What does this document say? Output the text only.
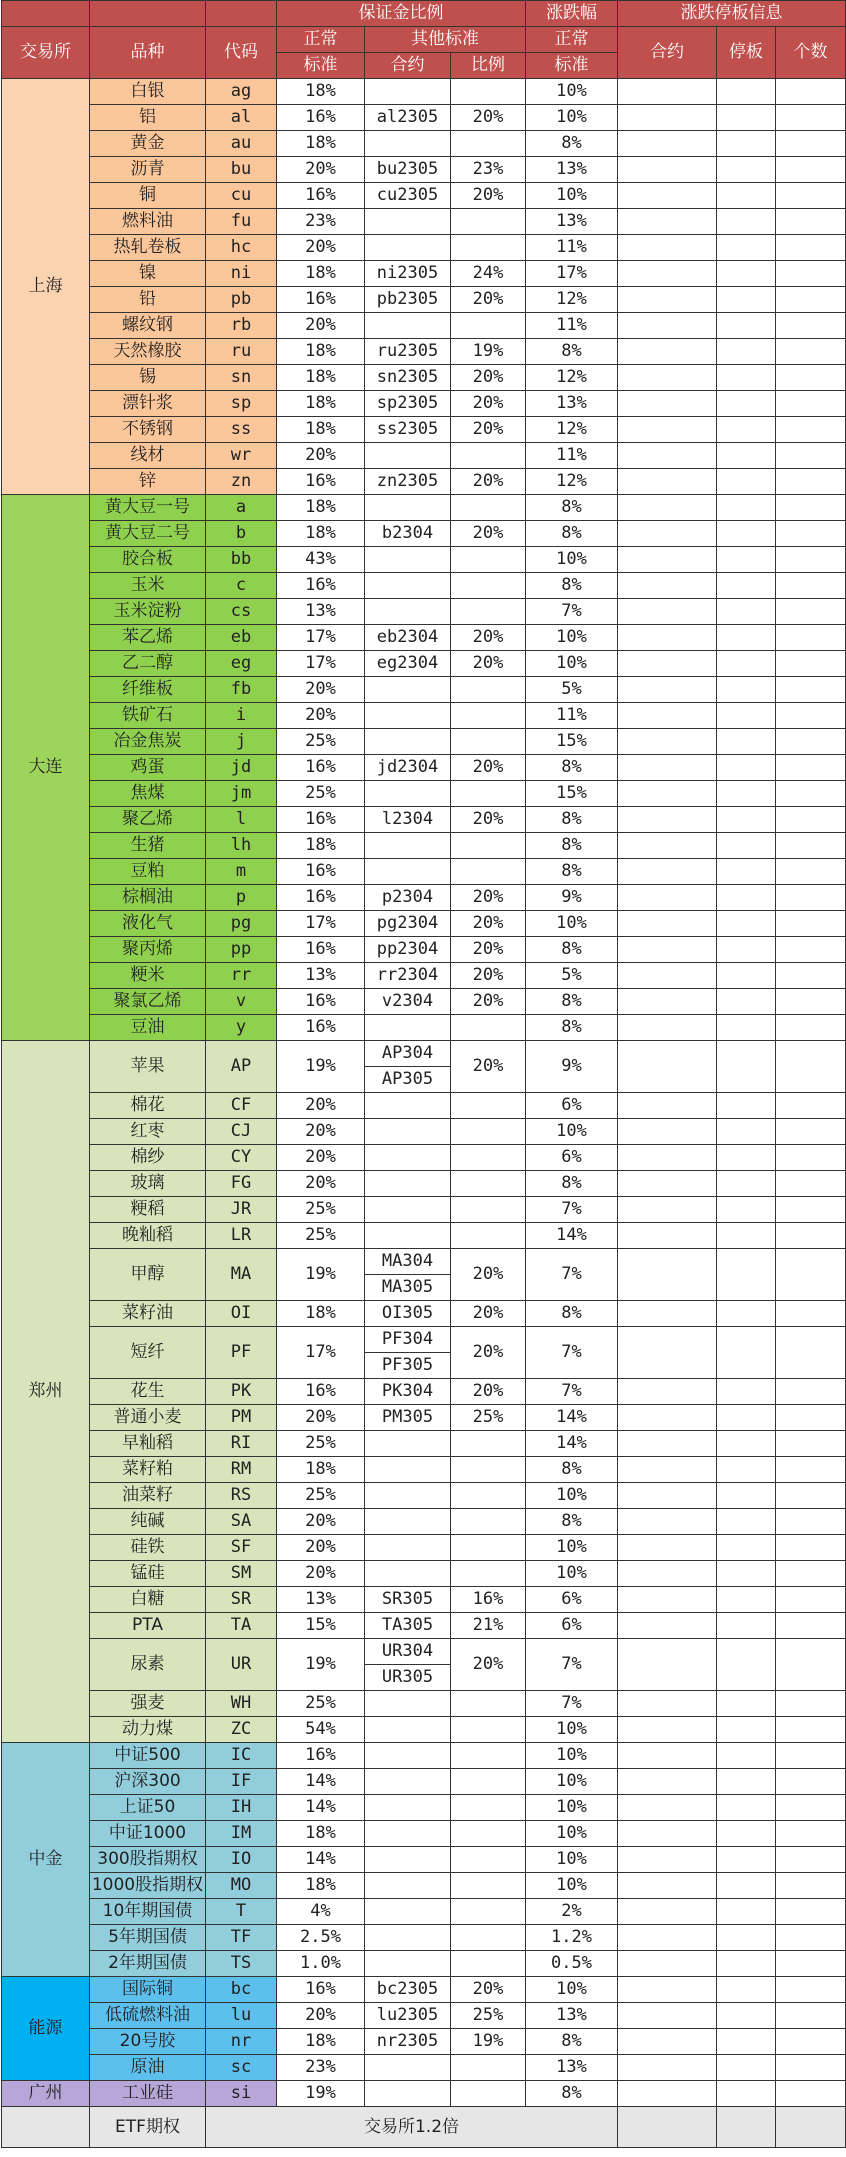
			保证金比例			涨跌幅	涨跌停板信息		
交易所	品种	代码	正常	其他标准		正常	合约	停板	个数
			标准	合约	比例	标准			
上海	白银	ag	18%			10%			
	铝	al	16%	al2305	20%	10%			
	黄金	au	18%			8%			
	沥青	bu	20%	bu2305	23%	13%			
	铜	cu	16%	cu2305	20%	10%			
	燃料油	fu	23%			13%			
	热轧卷板	hc	20%			11%			
	镍	ni	18%	ni2305	24%	17%			
	铅	pb	16%	pb2305	20%	12%			
	螺纹钢	rb	20%			11%			
	天然橡胶	ru	18%	ru2305	19%	8%			
	锡	sn	18%	sn2305	20%	12%			
	漂针浆	sp	18%	sp2305	20%	13%			
	不锈钢	ss	18%	ss2305	20%	12%			
	线材	wr	20%			11%			
	锌	zn	16%	zn2305	20%	12%			
大连	黄大豆一号	a	18%			8%			
	黄大豆二号	b	18%	b2304	20%	8%			
	胶合板	bb	43%			10%			
	玉米	c	16%			8%			
	玉米淀粉	cs	13%			7%			
	苯乙烯	eb	17%	eb2304	20%	10%			
	乙二醇	eg	17%	eg2304	20%	10%			
	纤维板	fb	20%			5%			
	铁矿石	i	20%			11%			
	冶金焦炭	j	25%			15%			
	鸡蛋	jd	16%	jd2304	20%	8%			
	焦煤	jm	25%			15%			
	聚乙烯	l	16%	l2304	20%	8%			
	生猪	lh	18%			8%			
	豆粕	m	16%			8%			
	棕榈油	p	16%	p2304	20%	9%			
	液化气	pg	17%	pg2304	20%	10%			
	聚丙烯	pp	16%	pp2304	20%	8%			
	粳米	rr	13%	rr2304	20%	5%			
	聚氯乙烯	v	16%	v2304	20%	8%			
	豆油	y	16%			8%			
郑州	苹果	AP	19%	AP304	20%	9%			
				AP305					
	棉花	CF	20%			6%			
	红枣	CJ	20%			10%			
	棉纱	CY	20%			6%			
	玻璃	FG	20%			8%			
	粳稻	JR	25%			7%			
	晚籼稻	LR	25%			14%			
	甲醇	MA	19%	MA304	20%	7%			
				MA305					
	菜籽油	OI	18%	OI305	20%	8%			
	短纤	PF	17%	PF304	20%	7%			
				PF305					
	花生	PK	16%	PK304	20%	7%			
	普通小麦	PM	20%	PM305	25%	14%			
	早籼稻	RI	25%			14%			
	菜籽粕	RM	18%			8%			
	油菜籽	RS	25%			10%			
	纯碱	SA	20%			8%			
	硅铁	SF	20%			10%			
	锰硅	SM	20%			10%			
	白糖	SR	13%	SR305	16%	6%			
	PTA	TA	15%	TA305	21%	6%			
	尿素	UR	19%	UR304	20%	7%			
				UR305					
	强麦	WH	25%			7%			
	动力煤	ZC	54%			10%			
中金	中证500	IC	16%			10%			
	沪深300	IF	14%			10%			
	上证50	IH	14%			10%			
	中证1000	IM	18%			10%			
	300股指期权	IO	14%			10%			
	1000股指期权	MO	18%			10%			
	10年期国债	T	4%			2%			
	5年期国债	TF	2.5%			1.2%			
	2年期国债	TS	1.0%			0.5%			
能源	国际铜	bc	16%	bc2305	20%	10%			
	低硫燃料油	lu	20%	lu2305	25%	13%			
	20号胶	nr	18%	nr2305	19%	8%			
	原油	sc	23%			13%			
广州	工业硅	si	19%			8%			
	ETF期权	交易所1.2倍							
